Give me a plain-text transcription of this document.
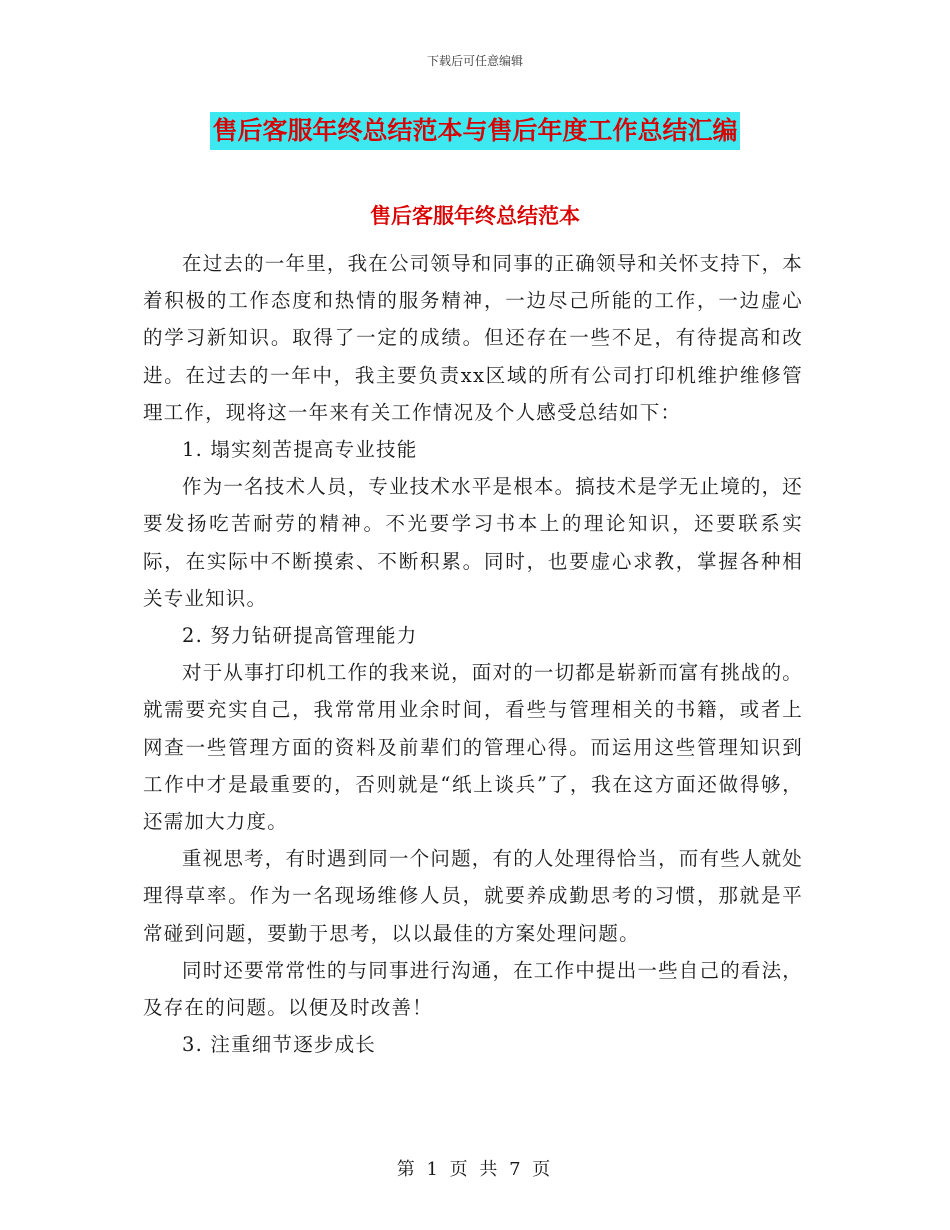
下载后可任意编辑
售后客服年终总结范本与售后年度工作总结汇编
售后客服年终总结范本

在过去的一年里，我在公司领导和同事的正确领导和关怀支持下，本着积极的工作态度和热情的服务精神，一边尽己所能的工作，一边虚心的学习新知识。取得了一定的成绩。但还存在一些不足，有待提高和改进。在过去的一年中，我主要负责xx区域的所有公司打印机维护维修管理工作，现将这一年来有关工作情况及个人感受总结如下：

1. 塌实刻苦提高专业技能

作为一名技术人员，专业技术水平是根本。搞技术是学无止境的，还要发扬吃苦耐劳的精神。不光要学习书本上的理论知识，还要联系实际，在实际中不断摸索、不断积累。同时，也要虚心求教，掌握各种相关专业知识。

2. 努力钻研提高管理能力

对于从事打印机工作的我来说，面对的一切都是崭新而富有挑战的。就需要充实自己，我常常用业余时间，看些与管理相关的书籍，或者上网查一些管理方面的资料及前辈们的管理心得。而运用这些管理知识到工作中才是最重要的，否则就是“纸上谈兵”了，我在这方面还做得够，还需加大力度。

重视思考，有时遇到同一个问题，有的人处理得恰当，而有些人就处理得草率。作为一名现场维修人员，就要养成勤思考的习惯，那就是平常碰到问题，要勤于思考，以以最佳的方案处理问题。

同时还要常常性的与同事进行沟通，在工作中提出一些自己的看法，及存在的问题。以便及时改善！

3. 注重细节逐步成长

第 1 页 共 7 页
